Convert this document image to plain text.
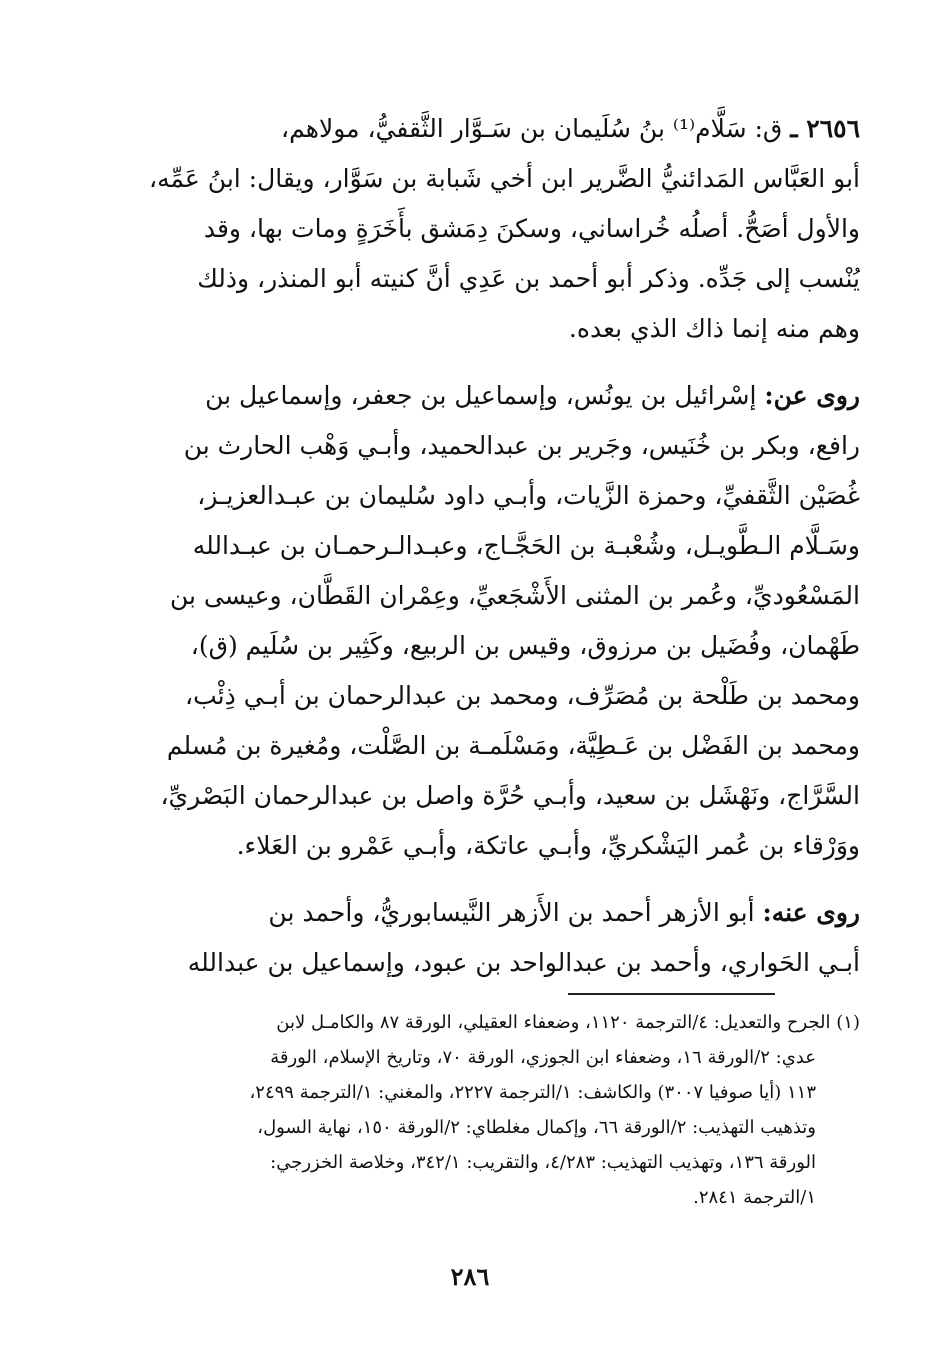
٢٦٥٦ ـ ق: سَلَّام⁽¹⁾ بنُ سُلَيمان بن سَـوَّار الثَّقفيُّ، مولاهم،
أبو العَبَّاس المَدائنيُّ الضَّرير ابن أخي شَبابة بن سَوَّار، ويقال: ابنُ عَمِّه،
والأول أصَحُّ. أصلُه خُراساني، وسكنَ دِمَشق بأَخَرَةٍ ومات بها، وقد
يُنْسب إلى جَدِّه. وذكر أبو أحمد بن عَدِي أنَّ كنيته أبو المنذر، وذلك
وهم منه إنما ذاك الذي بعده.
روى عن: إسْرائيل بن يونُس، وإسماعيل بن جعفر، وإسماعيل بن
رافع، وبكر بن خُنَيس، وجَرير بن عبدالحميد، وأبـي وَهْب الحارث بن
غُصَيْن الثَّقفيِّ، وحمزة الزَّيات، وأبـي داود سُليمان بن عبـدالعزيـز،
وسَـلَّام الـطَّويـل، وشُعْبـة بن الحَجَّـاج، وعبـدالـرحمـان بن عبـدالله
المَسْعُوديِّ، وعُمر بن المثنى الأَشْجَعيِّ، وعِمْران القَطَّان، وعيسى بن
طَهْمان، وفُضَيل بن مرزوق، وقيس بن الربيع، وكَثِير بن سُلَيم (ق)،
ومحمد بن طَلْحة بن مُصَرِّف، ومحمد بن عبدالرحمان بن أبـي ذِئْب،
ومحمد بن الفَضْل بن عَـطِيَّة، ومَسْلَمـة بن الصَّلْت، ومُغيرة بن مُسلم
السَّرَّاج، ونَهْشَل بن سعيد، وأبـي حُرَّة واصل بن عبدالرحمان البَصْريِّ،
ووَرْقاء بن عُمر اليَشْكريِّ، وأبـي عاتكة، وأبـي عَمْرو بن العَلاء.
روى عنه: أبو الأزهر أحمد بن الأَزهر النَّيسابوريُّ، وأحمد بن
أبـي الحَواري، وأحمد بن عبدالواحد بن عبود، وإسماعيل بن عبدالله
(١) الجرح والتعديل: ٤/الترجمة ١١٢٠، وضعفاء العقيلي، الورقة ٨٧ والكامـل لابن
عدي: ٢/الورقة ١٦، وضعفاء ابن الجوزي، الورقة ٧٠، وتاريخ الإسلام، الورقة
١١٣ (أيا صوفيا ٣٠٠٧) والكاشف: ١/الترجمة ٢٢٢٧، والمغني: ١/الترجمة ٢٤٩٩،
وتذهيب التهذيب: ٢/الورقة ٦٦، وإكمال مغلطاي: ٢/الورقة ١٥٠، نهاية السول،
الورقة ١٣٦، وتهذيب التهذيب: ٤/٢٨٣، والتقريب: ٣٤٢/١، وخلاصة الخزرجي:
١/الترجمة ٢٨٤١.
٢٨٦
